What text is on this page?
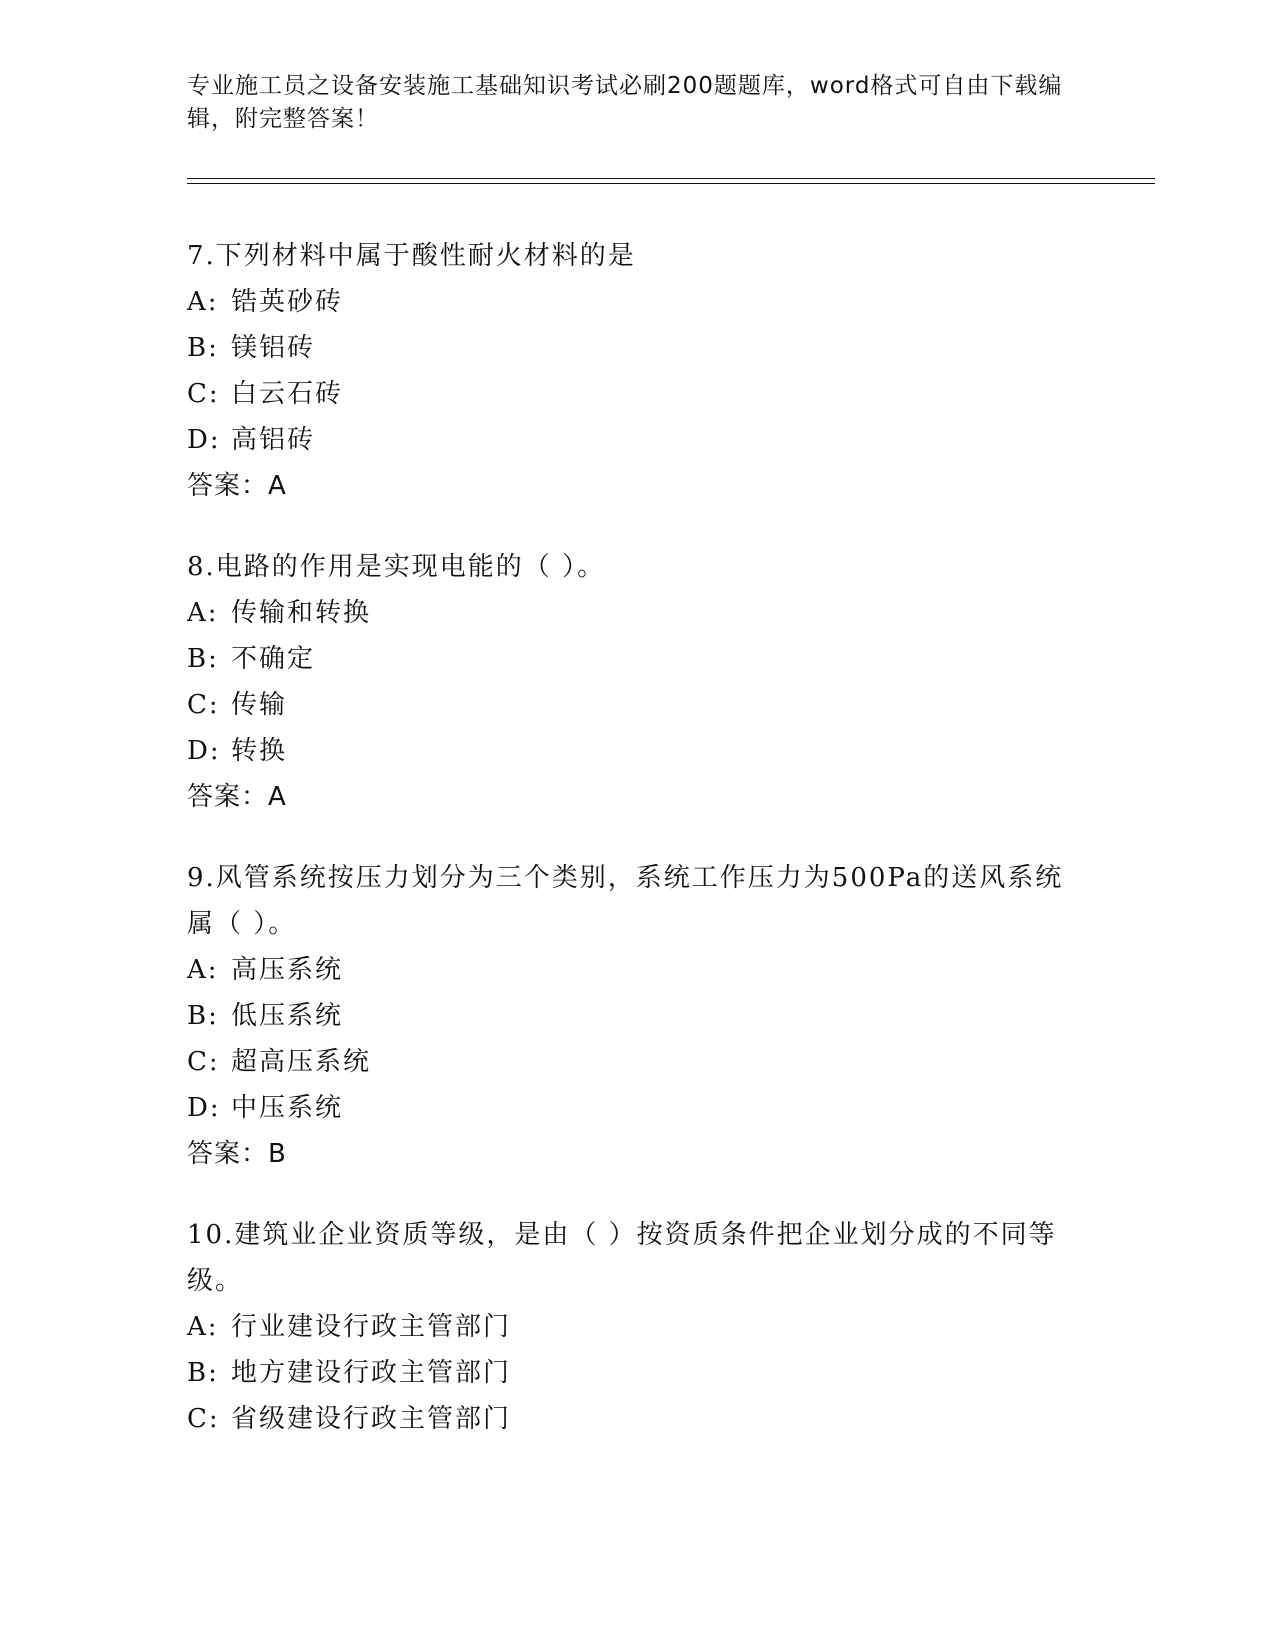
专业施工员之设备安装施工基础知识考试必刷200题题库，word格式可自由下载编辑，附完整答案！

7.下列材料中属于酸性耐火材料的是

A: 锆英砂砖
B: 镁铝砖
C: 白云石砖
D: 高铝砖
答案：A

8.电路的作用是实现电能的（ ）。

A: 传输和转换
B: 不确定
C: 传输
D: 转换
答案：A

9.风管系统按压力划分为三个类别，系统工作压力为500Pa的送风系统属（ ）。

A: 高压系统
B: 低压系统
C: 超高压系统
D: 中压系统
答案：B

10.建筑业企业资质等级，是由（ ）按资质条件把企业划分成的不同等级。

A: 行业建设行政主管部门
B: 地方建设行政主管部门
C: 省级建设行政主管部门
